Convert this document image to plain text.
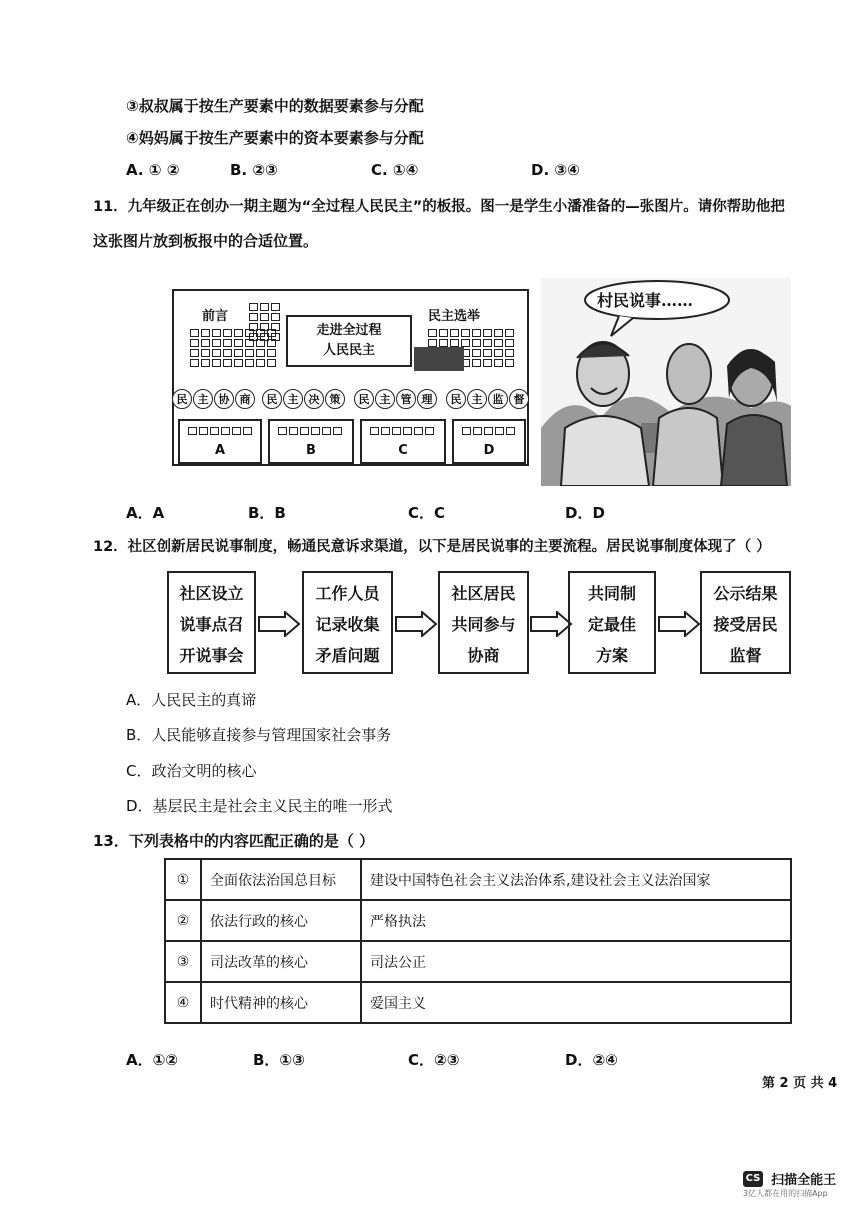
③叔叔属于按生产要素中的数据要素参与分配
④妈妈属于按生产要素中的资本要素参与分配
A. ① ②	B. ②③	C. ①④	D. ③④
11．九年级正在创办一期主题为“全过程人民民主”的板报。图一是学生小潘准备的—张图片。请你帮助他把
这张图片放到板报中的合适位置。
前言
走进全过程
人民民主
民主选举
民 主 协 商	民 主 决 策	民 主 管 理	民 主 监 督
A	B	C	D
村民说事……
A．A	B．B	C．C	D．D
12．社区创新居民说事制度，畅通民意诉求渠道，以下是居民说事的主要流程。居民说事制度体现了（ ）
社区设立
说事点召
开说事会
工作人员
记录收集
矛盾问题
社区居民
共同参与
协商
共同制
定最佳
方案
公示结果
接受居民
监督
A．人民民主的真谛
B．人民能够直接参与管理国家社会事务
C．政治文明的核心
D．基层民主是社会主义民主的唯一形式
13．下列表格中的内容匹配正确的是（ ）
①	全面依法治国总目标	建设中国特色社会主义法治体系,建设社会主义法治国家
②	依法行政的核心	严格执法
③	司法改革的核心	司法公正
④	时代精神的核心	爱国主义
A．①②	B．①③	C．②③	D．②④
第 2 页 共 4
CS 扫描全能王
3亿人都在用的扫描App
